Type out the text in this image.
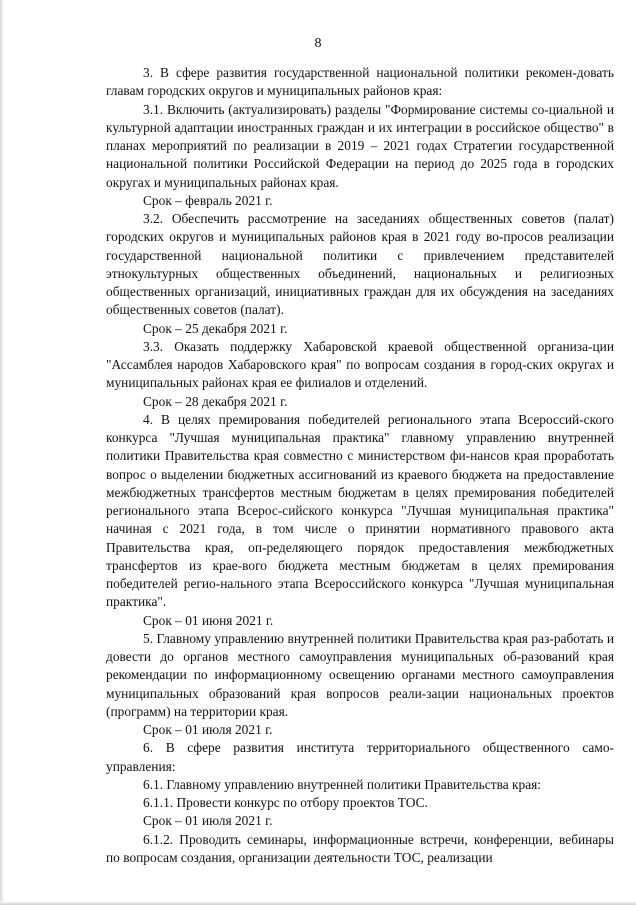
8

3. В сфере развития государственной национальной политики рекомен-довать главам городских округов и муниципальных районов края:

3.1. Включить (актуализировать) разделы "Формирование системы со-циальной и культурной адаптации иностранных граждан и их интеграции в российское общество" в планах мероприятий по реализации в 2019 – 2021 годах Стратегии государственной национальной политики Российской Федерации на период до 2025 года в городских округах и муниципальных районах края.

Срок – февраль 2021 г.

3.2. Обеспечить рассмотрение на заседаниях общественных советов (палат) городских округов и муниципальных районов края в 2021 году во-просов реализации государственной национальной политики с привлечением представителей этнокультурных общественных объединений, национальных и религиозных общественных организаций, инициативных граждан для их обсуждения на заседаниях общественных советов (палат).

Срок – 25 декабря 2021 г.

3.3. Оказать поддержку Хабаровской краевой общественной организа-ции "Ассамблея народов Хабаровского края" по вопросам создания в город-ских округах и муниципальных районах края ее филиалов и отделений.

Срок – 28 декабря 2021 г.

4. В целях премирования победителей регионального этапа Всероссий-ского конкурса "Лучшая муниципальная практика" главному управлению внутренней политики Правительства края совместно с министерством фи-нансов края проработать вопрос о выделении бюджетных ассигнований из краевого бюджета на предоставление межбюджетных трансфертов местным бюджетам в целях премирования победителей регионального этапа Всерос-сийского конкурса "Лучшая муниципальная практика" начиная с 2021 года, в том числе о принятии нормативного правового акта Правительства края, оп-ределяющего порядок предоставления межбюджетных трансфертов из крае-вого бюджета местным бюджетам в целях премирования победителей регио-нального этапа Всероссийского конкурса "Лучшая муниципальная практика".

Срок – 01 июня 2021 г.

5. Главному управлению внутренней политики Правительства края раз-работать и довести до органов местного самоуправления муниципальных об-разований края рекомендации по информационному освещению органами местного самоуправления муниципальных образований края вопросов реали-зации национальных проектов (программ) на территории края.

Срок – 01 июля 2021 г.

6. В сфере развития института территориального общественного само-управления:

6.1. Главному управлению внутренней политики Правительства края:

6.1.1. Провести конкурс по отбору проектов ТОС.

Срок – 01 июля 2021 г.

6.1.2. Проводить семинары, информационные встречи, конференции, вебинары по вопросам создания, организации деятельности ТОС, реализации
